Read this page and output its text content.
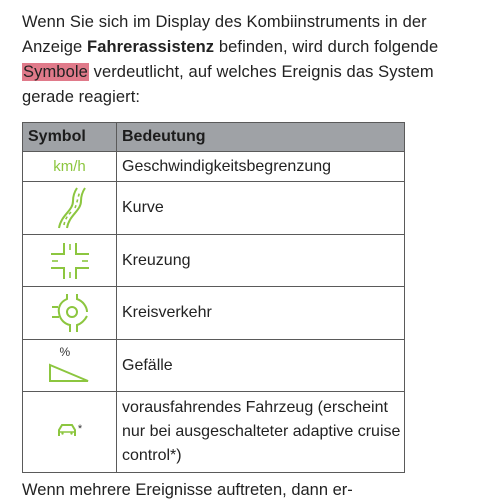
Wenn Sie sich im Display des Kombiinstruments in der Anzeige Fahrerassistenz befinden, wird durch folgende Symbole verdeutlicht, auf welches Ereignis das System gerade reagiert:
Symbol	Bedeutung
km/h	Geschwindigkeitsbegrenzung

	Kurve

	Kreuzung

	Kreisverkehr

%	Gefälle

*	vorausfahrendes Fahrzeug (erscheint nur bei ausgeschalteter adaptive cruise control*)
Wenn mehrere Ereignisse auftreten, dann er-
